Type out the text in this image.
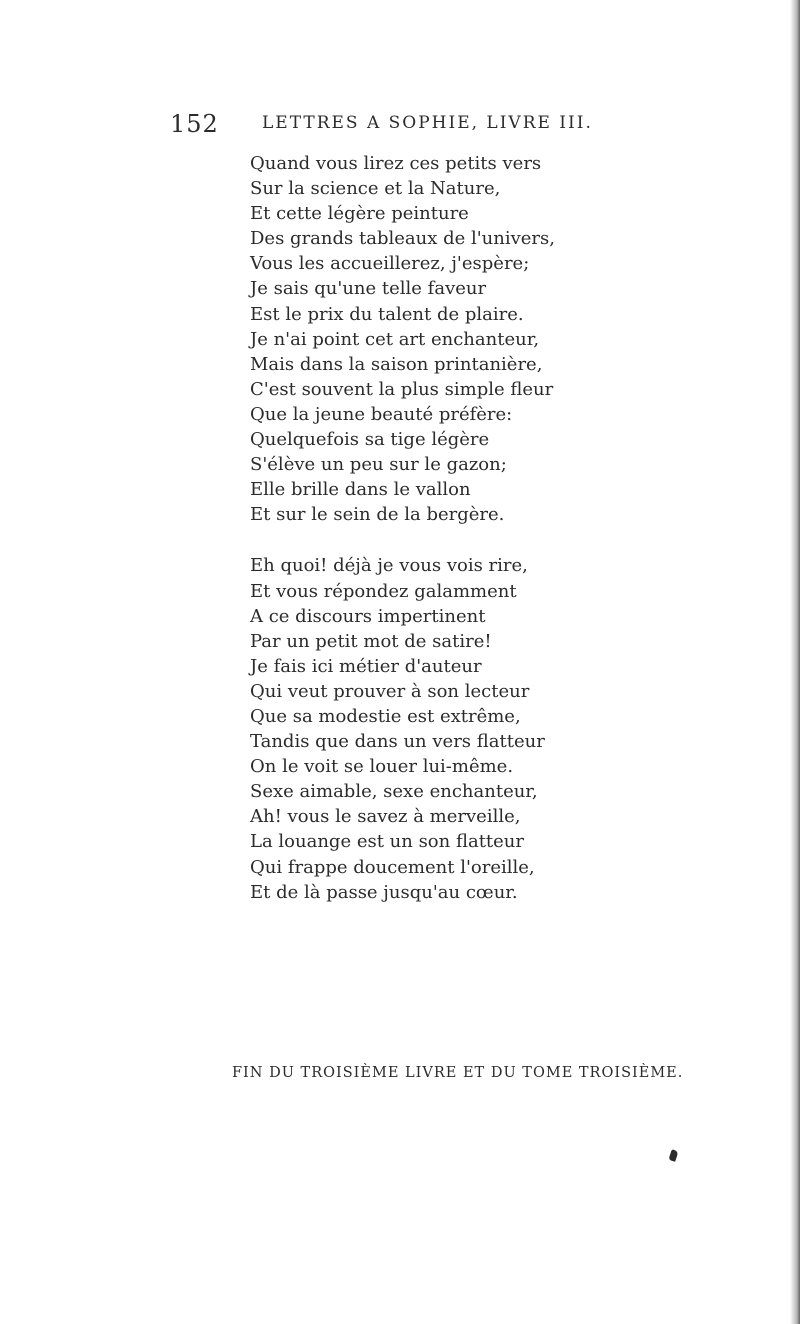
152	LETTRES A SOPHIE, LIVRE III.
Quand vous lirez ces petits vers
Sur la science et la Nature,
Et cette légère peinture
Des grands tableaux de l'univers,
Vous les accueillerez, j'espère;
Je sais qu'une telle faveur
Est le prix du talent de plaire.
Je n'ai point cet art enchanteur,
Mais dans la saison printanière,
C'est souvent la plus simple fleur
Que la jeune beauté préfère:
Quelquefois sa tige légère
S'élève un peu sur le gazon;
Elle brille dans le vallon
Et sur le sein de la bergère.
Eh quoi! déjà je vous vois rire,
Et vous répondez galamment
A ce discours impertinent
Par un petit mot de satire!
Je fais ici métier d'auteur
Qui veut prouver à son lecteur
Que sa modestie est extrême,
Tandis que dans un vers flatteur
On le voit se louer lui-même.
Sexe aimable, sexe enchanteur,
Ah! vous le savez à merveille,
La louange est un son flatteur
Qui frappe doucement l'oreille,
Et de là passe jusqu'au cœur.
FIN DU TROISIÈME LIVRE ET DU TOME TROISIÈME.
